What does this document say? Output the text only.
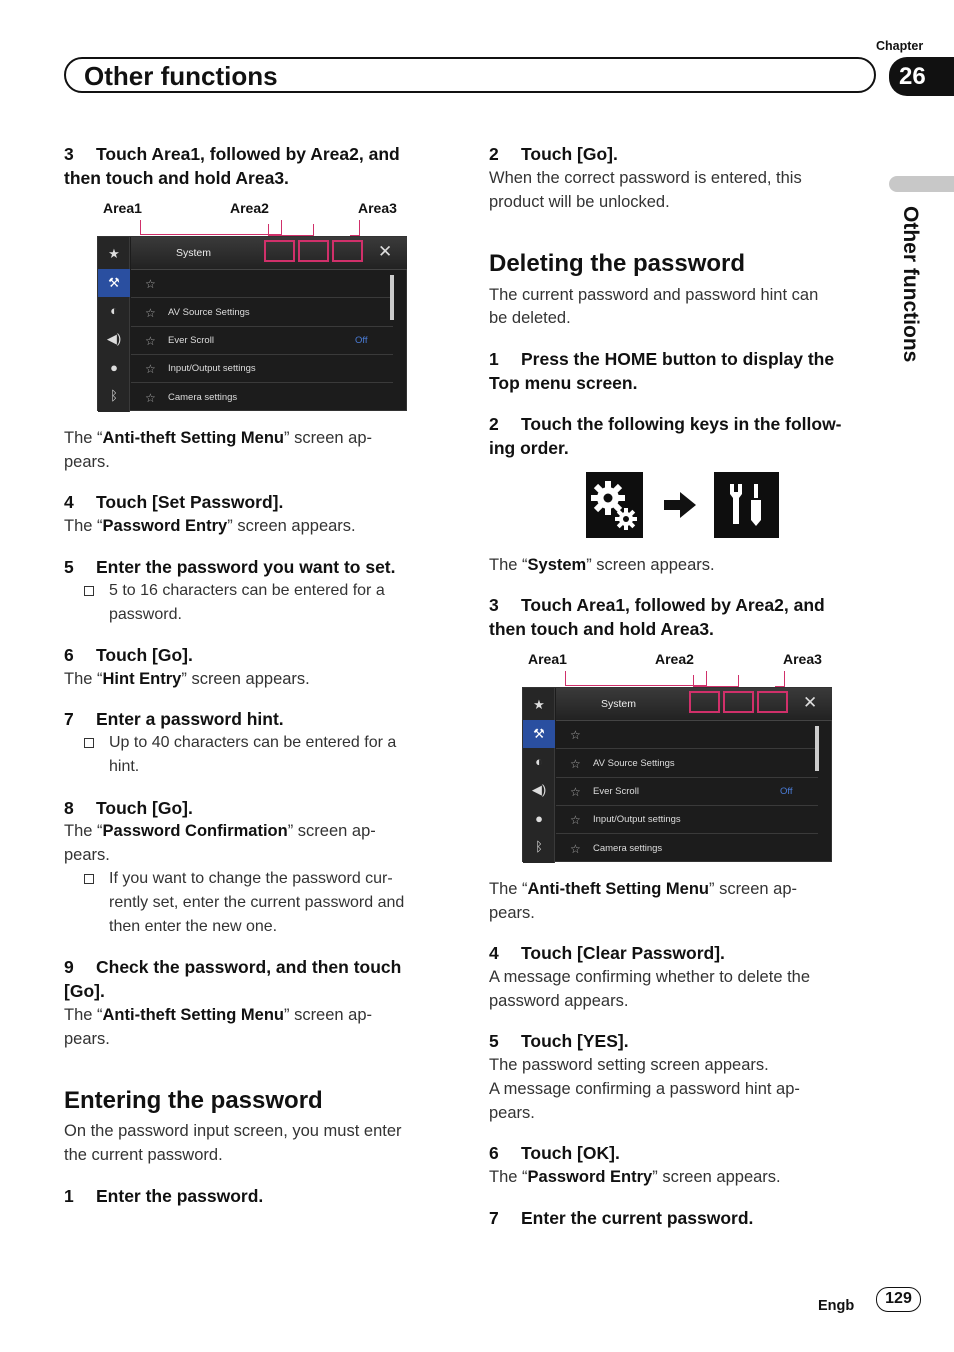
Chapter
26
Other functions
Other functions
3 Touch Area1, followed by Area2, and
then touch and hold Area3.
Area1	Area2	Area3
★
⚒
◐
◀)
●
ᛒ
System	✕
☆
☆ AV Source Settings
☆ Ever Scroll	Off
☆ Input/Output settings
☆ Camera settings
The “Anti-theft Setting Menu” screen ap-
pears.
4 Touch [Set Password].
The “Password Entry” screen appears.
5 Enter the password you want to set.
5 to 16 characters can be entered for a
password.
6 Touch [Go].
The “Hint Entry” screen appears.
7 Enter a password hint.
Up to 40 characters can be entered for a
hint.
8 Touch [Go].
The “Password Confirmation” screen ap-
pears.
If you want to change the password cur-
rently set, enter the current password and
then enter the new one.
9 Check the password, and then touch
[Go].
The “Anti-theft Setting Menu” screen ap-
pears.
Entering the password
On the password input screen, you must enter
the current password.
1 Enter the password.
2 Touch [Go].
When the correct password is entered, this
product will be unlocked.
Deleting the password
The current password and password hint can
be deleted.
1 Press the HOME button to display the
Top menu screen.
2 Touch the following keys in the follow-
ing order.
The “System” screen appears.
3 Touch Area1, followed by Area2, and
then touch and hold Area3.
Area1	Area2	Area3
★
⚒
◐
◀)
●
ᛒ
System	✕
☆
☆ AV Source Settings
☆ Ever Scroll	Off
☆ Input/Output settings
☆ Camera settings
The “Anti-theft Setting Menu” screen ap-
pears.
4 Touch [Clear Password].
A message confirming whether to delete the
password appears.
5 Touch [YES].
The password setting screen appears.
A message confirming a password hint ap-
pears.
6 Touch [OK].
The “Password Entry” screen appears.
7 Enter the current password.
Engb	129
